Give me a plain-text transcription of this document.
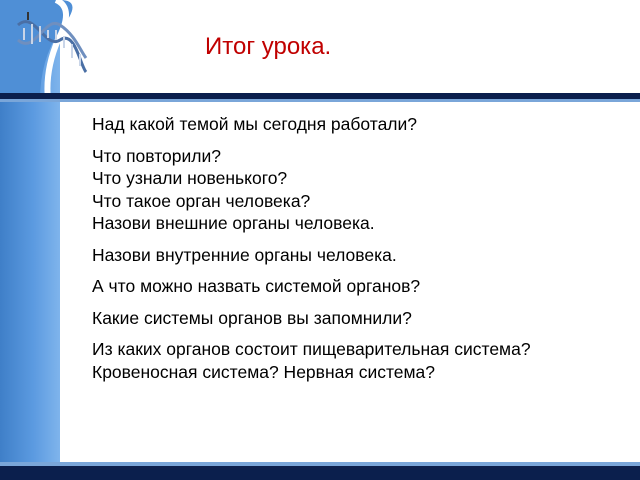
Итог урока.

Над какой темой мы сегодня работали?

Что повторили?

Что узнали новенького?

Что такое орган человека?

Назови внешние органы человека.

Назови внутренние органы человека.

А что можно назвать системой органов?

Какие системы органов вы запомнили?

Из каких органов состоит пищеварительная система? Кровеносная система? Нервная система?
